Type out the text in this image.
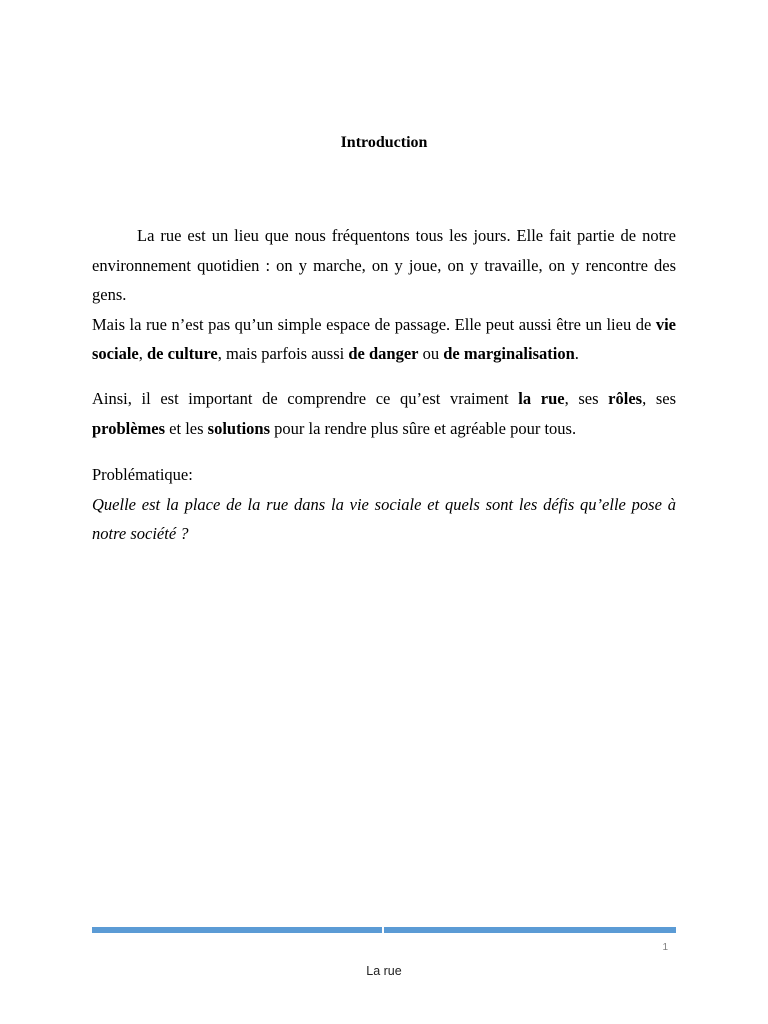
Introduction

La rue est un lieu que nous fréquentons tous les jours. Elle fait partie de notre environnement quotidien : on y marche, on y joue, on y travaille, on y rencontre des gens.

Mais la rue n’est pas qu’un simple espace de passage. Elle peut aussi être un lieu de vie sociale, de culture, mais parfois aussi de danger ou de marginalisation.

Ainsi, il est important de comprendre ce qu’est vraiment la rue, ses rôles, ses problèmes et les solutions pour la rendre plus sûre et agréable pour tous.

Problématique:

Quelle est la place de la rue dans la vie sociale et quels sont les défis qu’elle pose à notre société ?

1
La rue
